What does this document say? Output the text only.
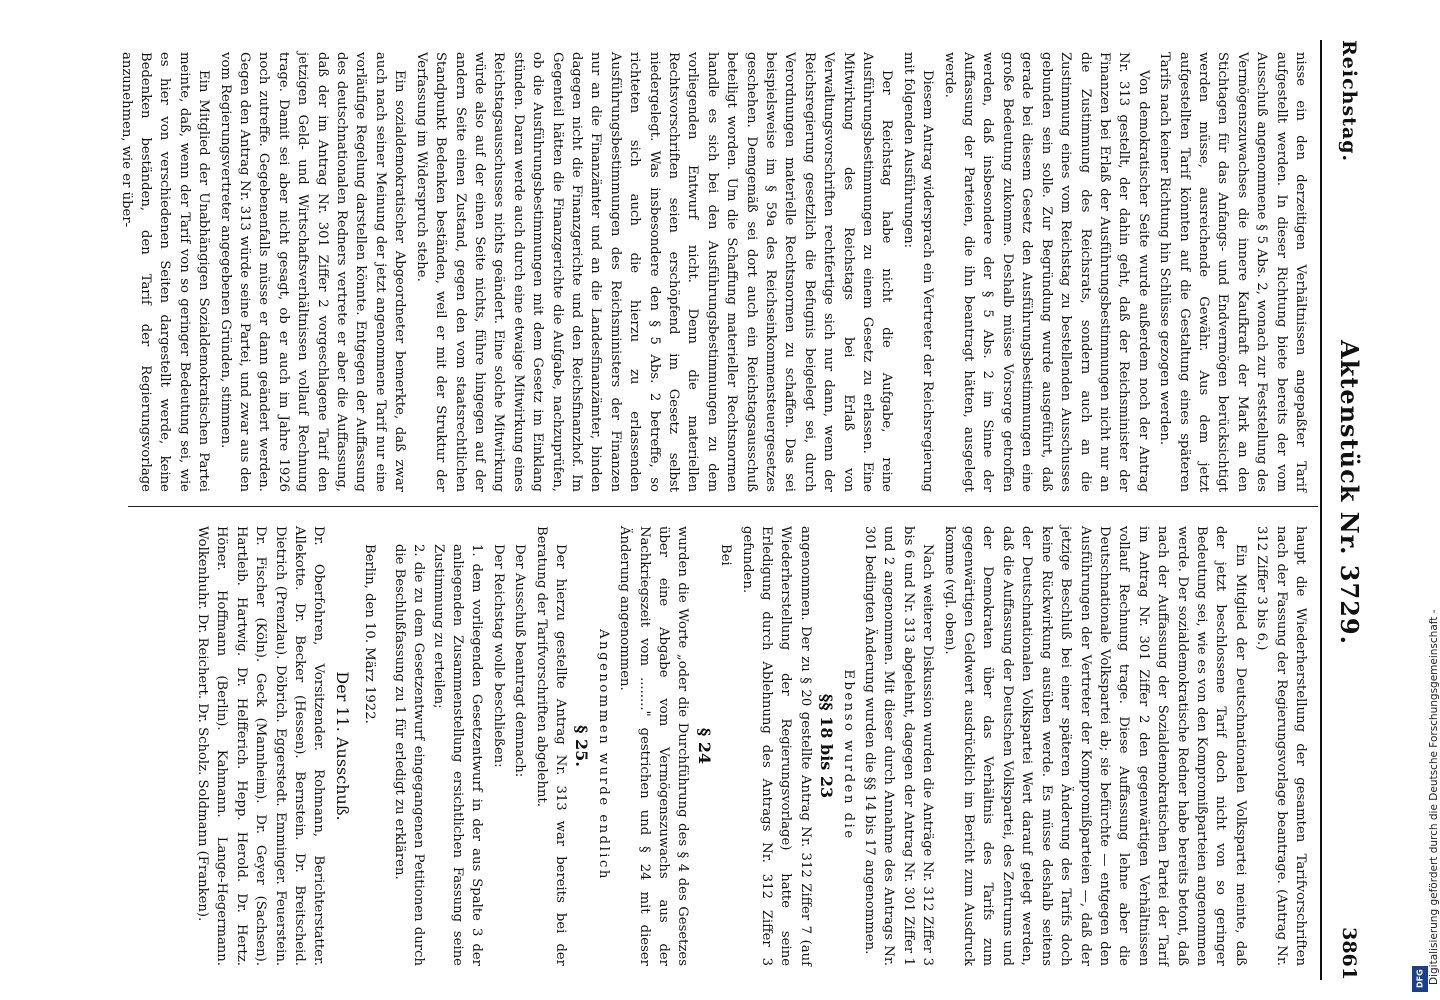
Reichstag.
Aktenstück Nr. 3729.
3861

nisse ein den derzeitigen Verhältnissen angepaßter Tarif aufgestellt werden. In dieser Richtung biete bereits der vom Ausschuß angenommene § 5 Abs. 2, wonach zur Feststellung des Vermögenszuwachses die innere Kaufkraft der Mark an den Stichtagen für das Anfangs- und Endvermögen berücksichtigt werden müsse, ausreichende Gewähr. Aus dem jetzt aufgestellten Tarif könnten auf die Gestaltung eines späteren Tarifs nach keiner Richtung hin Schlüsse gezogen werden.

Von demokratischer Seite wurde außerdem noch der Antrag Nr. 313 gestellt, der dahin geht, daß der Reichsminister der Finanzen bei Erlaß der Ausführungsbestimmungen nicht nur an die Zustimmung des Reichsrats, sondern auch an die Zustimmung eines vom Reichstag zu bestellenden Ausschusses gebunden sein solle. Zur Begründung wurde ausgeführt, daß gerade bei diesem Gesetz den Ausführungsbestimmungen eine große Bedeutung zukomme. Deshalb müsse Vorsorge getroffen werden, daß insbesondere der § 5 Abs. 2 im Sinne der Auffassung der Parteien, die ihn beantragt hätten, ausgelegt werde.

Diesem Antrag widersprach ein Vertreter der Reichsregierung mit folgenden Ausführungen:

Der Reichstag habe nicht die Aufgabe, reine Ausführungsbestimmungen zu einem Gesetz zu erlassen. Eine Mitwirkung des Reichstags bei Erlaß von Verwaltungsvorschriften rechtfertige sich nur dann, wenn der Reichsregierung gesetzlich die Befugnis beigelegt sei, durch Verordnungen materielle Rechtsnormen zu schaffen. Das sei beispielsweise im § 59a des Reichseinkommensteuergesetzes geschehen. Demgemäß sei dort auch ein Reichstagsausschuß beteiligt worden. Um die Schaffung materieller Rechtsnormen handle es sich bei den Ausführungsbestimmungen zu dem vorliegenden Entwurf nicht. Denn die materiellen Rechtsvorschriften seien erschöpfend im Gesetz selbst niedergelegt. Was insbesondere den § 5 Abs. 2 betreffe, so richteten sich auch die hierzu zu erlassenden Ausführungsbestimmungen des Reichsministers der Finanzen nur an die Finanzämter und an die Landesfinanzämter, binden dagegen nicht die Finanzgerichte und den Reichsfinanzhof. Im Gegenteil hätten die Finanzgerichte die Aufgabe, nachzuprüfen, ob die Ausführungsbestimmungen mit dem Gesetz im Einklang stünden. Daran werde auch durch eine etwaige Mitwirkung eines Reichstagsausschusses nichts geändert. Eine solche Mitwirkung würde also auf der einen Seite nichts, führe hingegen auf der andern Seite einen Zustand, gegen den vom staatsrechtlichen Standpunkt Bedenken beständen, weil er mit der Struktur der Verfassung im Widerspruch stehe.

Ein sozialdemokratischer Abgeordneter bemerkte, daß zwar auch nach seiner Meinung der jetzt angenommene Tarif nur eine vorläufige Regelung darstellen könnte. Entgegen der Auffassung des deutschnationalen Redners vertrete er aber die Auffassung, daß der im Antrag Nr. 301 Ziffer 2 vorgeschlagene Tarif den jetzigen Geld- und Wirtschaftsverhältnissen vollauf Rechnung trage. Damit sei aber nicht gesagt, ob er auch im Jahre 1926 noch zutreffe. Gegebenenfalls müsse er dann geändert werden. Gegen den Antrag Nr. 313 würde seine Partei, und zwar aus den vom Regierungsvertreter angegebenen Gründen, stimmen.

Ein Mitglied der Unabhängigen Sozialdemokratischen Partei meinte, daß, wenn der Tarif von so geringer Bedeutung sei, wie es hier von verschiedenen Seiten dargestellt werde, keine Bedenken beständen, den Tarif der Regierungsvorlage anzunehmen, wie er über-

haupt die Wiederherstellung der gesamten Tarifvorschriften nach der Fassung der Regierungsvorlage beantrage. (Antrag Nr. 312 Ziffer 3 bis 6.)

Ein Mitglied der Deutschnationalen Volkspartei meinte, daß der jetzt beschlossene Tarif doch nicht von so geringer Bedeutung sei, wie es von den Kompromißparteien angenommen werde. Der sozialdemokratische Redner habe bereits betont, daß nach der Auffassung der Sozialdemokratischen Partei der Tarif im Antrag Nr. 301 Ziffer 2 den gegenwärtigen Verhältnissen vollauf Rechnung trage. Diese Auffassung lehne aber die Deutschnationale Volkspartei ab; sie befürchte — entgegen den Ausführungen der Vertreter der Kompromißparteien —, daß der jetzige Beschluß bei einer späteren Änderung des Tarifs doch keine Rückwirkung ausüben werde. Es müsse deshalb seitens der Deutschnationalen Volkspartei Wert darauf gelegt werden, daß die Auffassung der Deutschen Volkspartei, des Zentrums und der Demokraten über das Verhältnis des Tarifs zum gegenwärtigen Geldwert ausdrücklich im Bericht zum Ausdruck komme (vgl. oben).

Nach weiterer Diskussion wurden die Anträge Nr. 312 Ziffer 3 bis 6 und Nr. 313 abgelehnt, dagegen der Antrag Nr. 301 Ziffer 1 und 2 angenommen. Mit dieser durch Annahme des Antrags Nr. 301 bedingten Änderung wurden die §§ 14 bis 17 angenommen.

Ebenso wurden die

§§ 18 bis 23

angenommen. Der zu § 20 gestellte Antrag Nr. 312 Ziffer 7 (auf Wiederherstellung der Regierungsvorlage) hatte seine Erledigung durch Ablehnung des Antrags Nr. 312 Ziffer 3 gefunden.

Bei

§ 24

wurden die Worte „oder die Durchführung des § 4 des Gesetzes über eine Abgabe vom Vermögenszuwachs aus der Nachkriegszeit vom ........" gestrichen und § 24 mit dieser Änderung angenommen.

Angenommen wurde endlich

§ 25.

Der hierzu gestellte Antrag Nr. 313 war bereits bei der Beratung der Tarifvorschriften abgelehnt.

Der Ausschuß beantragt demnach:

Der Reichstag wolle beschließen:

1. dem vorliegenden Gesetzentwurf in der aus Spalte 3 der anliegenden Zusammenstellung ersichtlichen Fassung seine Zustimmung zu erteilen;
2. die zu dem Gesetzentwurf eingegangenen Petitionen durch die Beschlußfassung zu 1 für erledigt zu erklären.

Berlin, den 10. März 1922.

Der 11. Ausschuß.

Dr. Oberfohren, Vorsitzender. Rohmann, Berichterstatter. Allekotte. Dr. Becker (Hessen). Bernstein. Dr. Breitscheid. Dietrich (Prenzlau). Döbrich. Eggerstedt. Emminger. Feuerstein. Dr. Fischer (Köln). Geck (Mannheim). Dr. Geyer (Sachsen). Hartleib. Hartwig. Dr. Helfferich. Hepp. Herold. Dr. Hertz. Höner. Hoffmann (Berlin). Kahmann. Lange-Hegermann. Wolkenhuhr. Dr. Reichert. Dr. Scholz. Soldmann (Franken).	Digitalisierung gefördert durch die Deutsche Forschungsgemeinschaft -
DFG
